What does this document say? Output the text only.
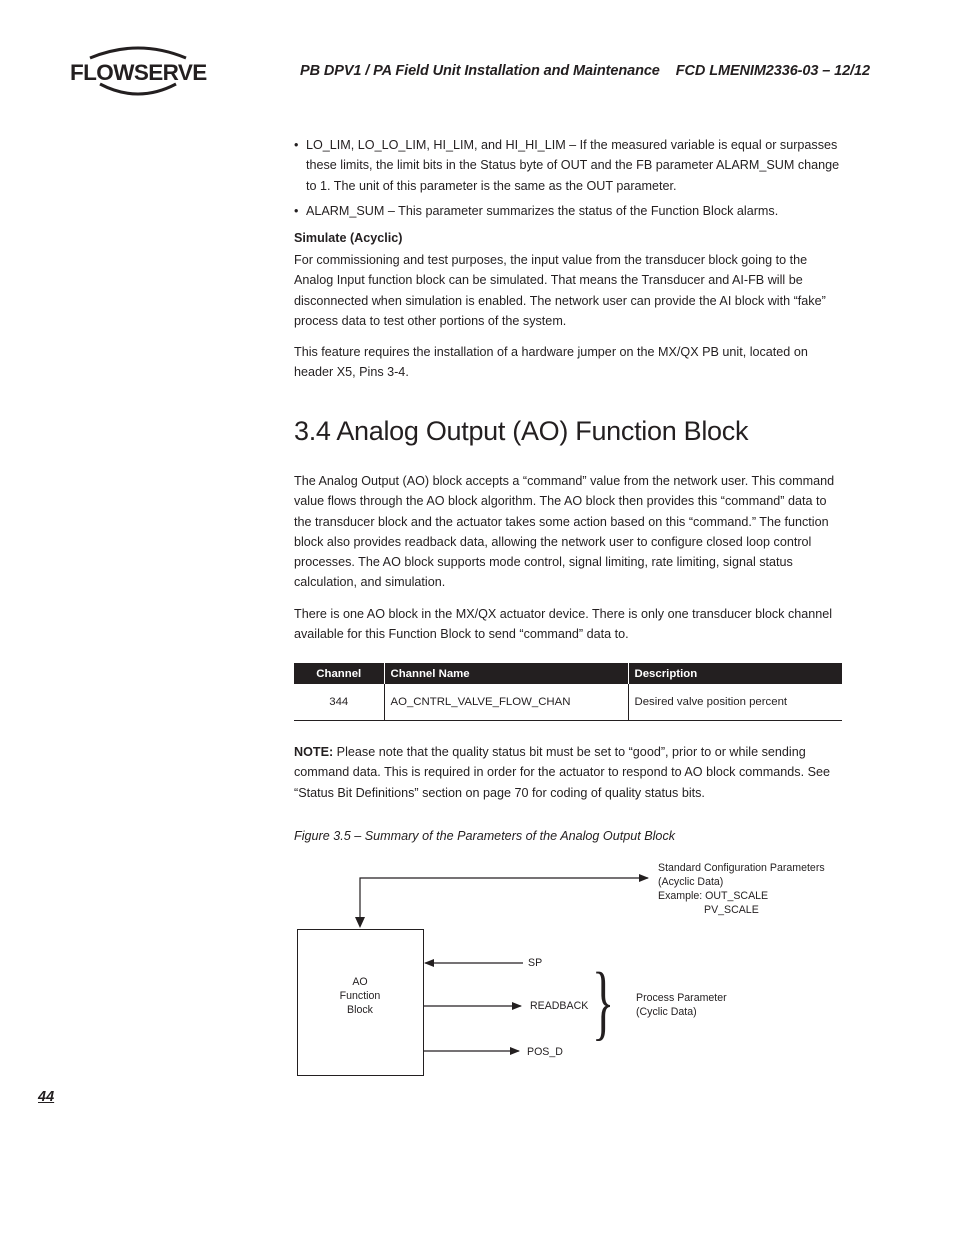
FLOWSERVE	PB DPV1 / PA Field Unit Installation and Maintenance FCD LMENIM2336-03 – 12/12
• LO_LIM, LO_LO_LIM, HI_LIM, and HI_HI_LIM – If the measured variable is equal or surpasses these limits, the limit bits in the Status byte of OUT and the FB parameter ALARM_SUM change to 1. The unit of this parameter is the same as the OUT parameter.
• ALARM_SUM – This parameter summarizes the status of the Function Block alarms.
Simulate (Acyclic)
For commissioning and test purposes, the input value from the transducer block going to the Analog Input function block can be simulated. That means the Transducer and AI-FB will be disconnected when simulation is enabled. The network user can provide the AI block with “fake” process data to test other portions of the system.
This feature requires the installation of a hardware jumper on the MX/QX PB unit, located on header X5, Pins 3-4.
3.4 Analog Output (AO) Function Block
The Analog Output (AO) block accepts a “command” value from the network user. This command value flows through the AO block algorithm. The AO block then provides this “command” data to the transducer block and the actuator takes some action based on this “command.” The function block also provides readback data, allowing the network user to configure closed loop control processes. The AO block supports mode control, signal limiting, rate limiting, signal status calculation, and simulation.
There is one AO block in the MX/QX actuator device. There is only one transducer block channel available for this Function Block to send “command” data to.
Channel	Channel Name	Description
344	AO_CNTRL_VALVE_FLOW_CHAN	Desired valve position percent
NOTE: Please note that the quality status bit must be set to “good”, prior to or while sending command data. This is required in order for the actuator to respond to AO block commands. See “Status Bit Definitions” section on page 70 for coding of quality status bits.
Figure 3.5 – Summary of the Parameters of the Analog Output Block
AO
Function
Block
Standard Configuration Parameters
(Acyclic Data)
Example: OUT_SCALE
PV_SCALE
SP
READBACK
POS_D
} Process Parameter
(Cyclic Data)
44
